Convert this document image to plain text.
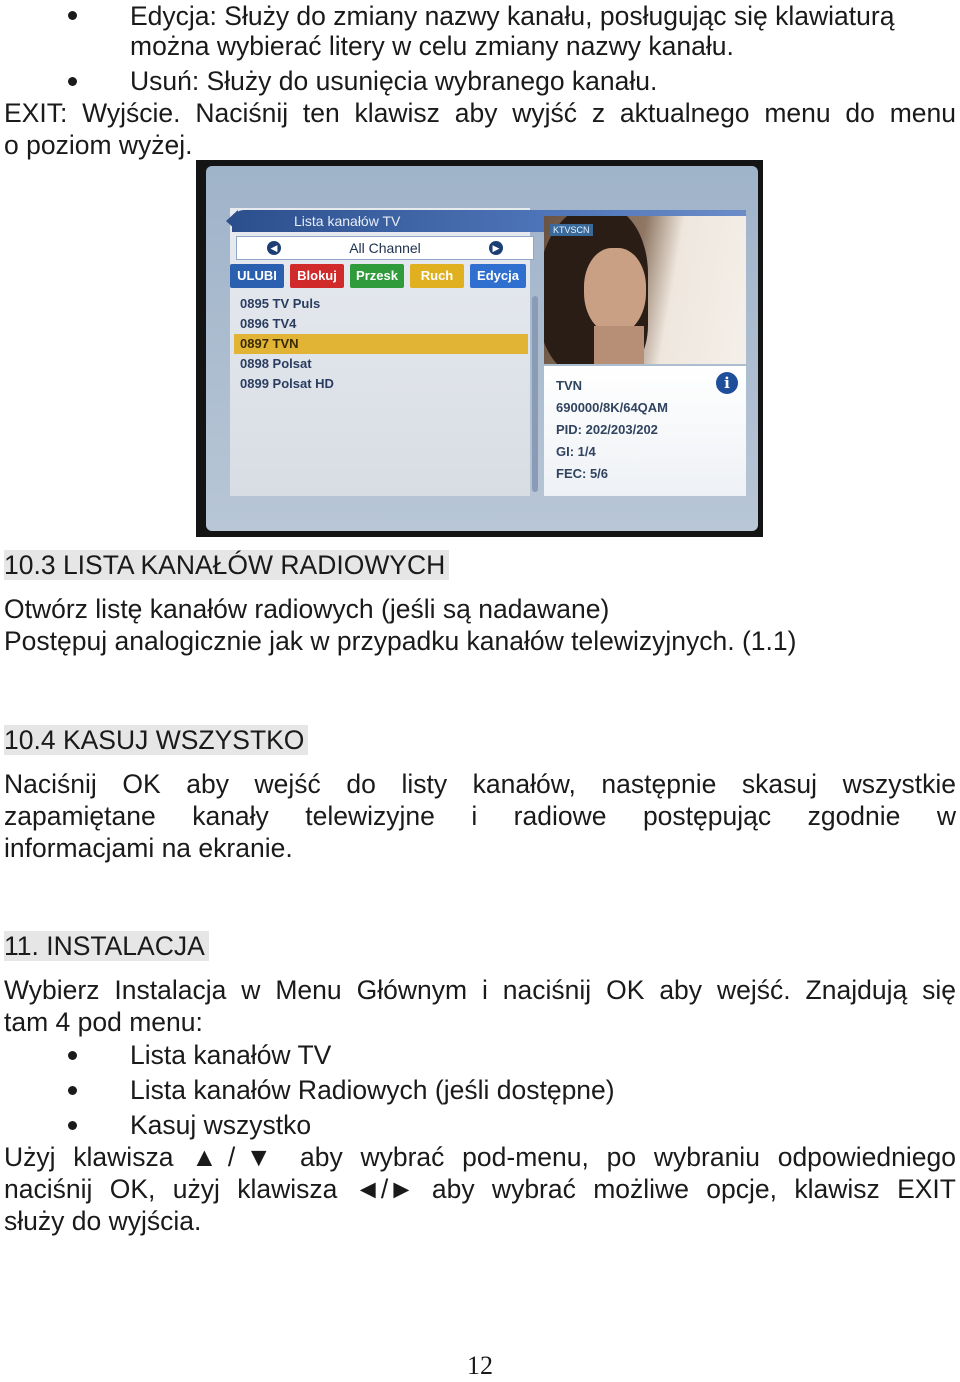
Edycja: Służy do zmiany nazwy kanału, posługując się klawiaturą
można wybierać litery w celu zmiany nazwy kanału.
Usuń: Służy do usunięcia wybranego kanału.
EXIT: Wyjście. Naciśnij ten klawisz aby wyjść z aktualnego menu do menu
o poziom wyżej.
Lista kanałów TV
◀	All Channel	▶
ULUBI	Blokuj	Przesk	Ruch	Edycja
0895 TV Puls
0896 TV4
0897 TVN
0898 Polsat
0899 Polsat HD
KTVSCN
i
TVN
690000/8K/64QAM
PID: 202/203/202
GI: 1/4
FEC: 5/6
10.3 LISTA KANAŁÓW RADIOWYCH
Otwórz listę kanałów radiowych (jeśli są nadawane)
Postępuj analogicznie jak w przypadku kanałów telewizyjnych. (1.1)
10.4 KASUJ WSZYSTKO
Naciśnij OK aby wejść do listy kanałów, następnie skasuj wszystkie
zapamiętane kanały telewizyjne i radiowe postępując zgodnie w
informacjami na ekranie.
11. INSTALACJA
Wybierz Instalacja w Menu Głównym i naciśnij OK aby wejść. Znajdują się
tam 4 pod menu:
Lista kanałów TV
Lista kanałów Radiowych (jeśli dostępne)
Kasuj wszystko
Użyj klawisza ▲/▼ aby wybrać pod-menu, po wybraniu odpowiedniego
naciśnij OK, użyj klawisza ◄/► aby wybrać możliwe opcje, klawisz EXIT
służy do wyjścia.
12
